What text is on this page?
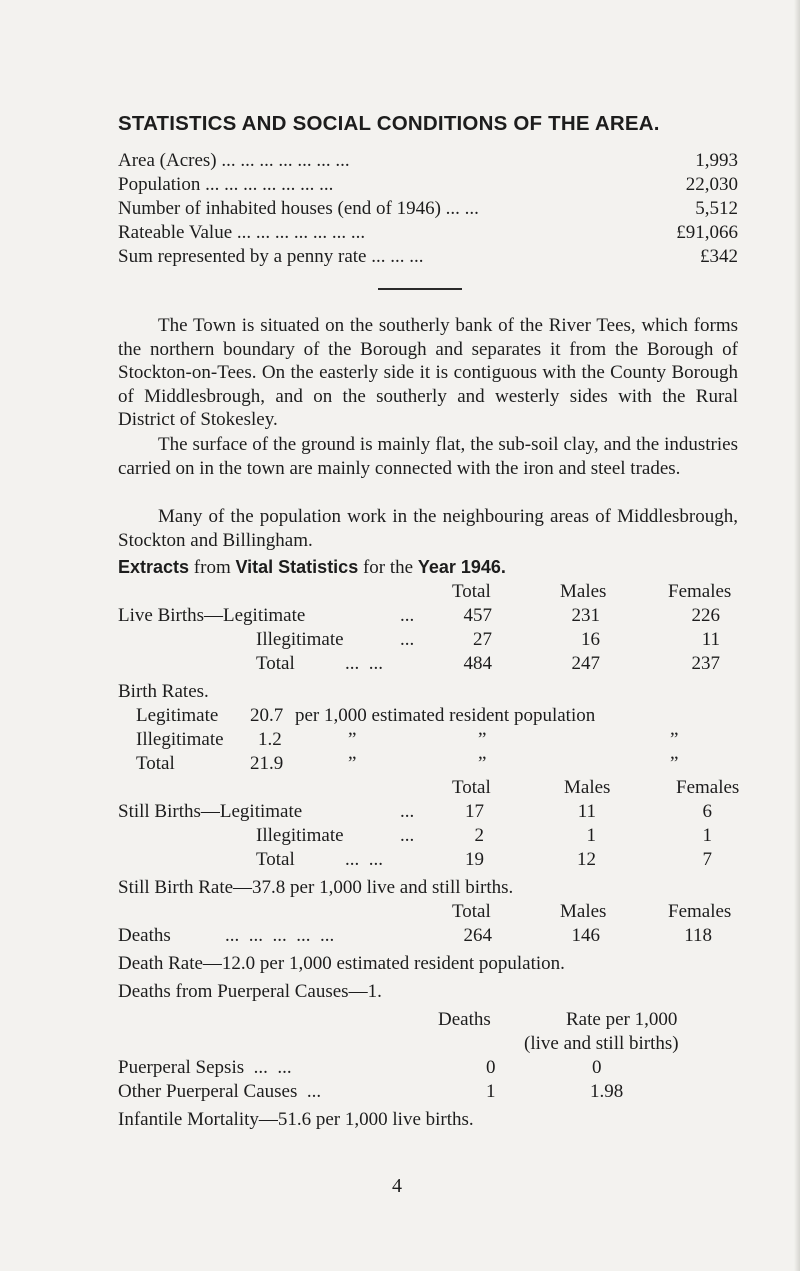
STATISTICS AND SOCIAL CONDITIONS OF THE AREA.
Area (Acres) ... ... ... ... ... ... ...	1,993
Population ... ... ... ... ... ... ...	22,030
Number of inhabited houses (end of 1946) ... ...	5,512
Rateable Value ... ... ... ... ... ... ...	£91,066
Sum represented by a penny rate ... ... ...	£342
The Town is situated on the southerly bank of the River Tees, which forms the northern boundary of the Borough and separates it from the Borough of Stockton-on-Tees. On the easterly side it is contiguous with the County Borough of Middlesbrough, and on the southerly and westerly sides with the Rural District of Stokesley.
The surface of the ground is mainly flat, the sub-soil clay, and the industries carried on in the town are mainly connected with the iron and steel trades.
Many of the population work in the neighbouring areas of Middlesbrough, Stockton and Billingham.
Extracts from Vital Statistics for the Year 1946.
Total	Males	Females
Live Births—Legitimate	...	457	231	226
Illegitimate	...	27	16	11
Total	...  ...	484	247	237
Birth Rates.
Legitimate 20.7 per 1,000 estimated resident population
Illegitimate 1.2	”	”	”
Total	21.9	”	”	”
Total	Males	Females
Still Births—Legitimate	...	17	11	6
Illegitimate	...	2	1	1
Total	...  ...	19	12	7
Still Birth Rate—37.8 per 1,000 live and still births.
Total	Males	Females
Deaths	...  ...  ...  ...  ...	264	146	118
Death Rate—12.0 per 1,000 estimated resident population.
Deaths from Puerperal Causes—1.
Deaths	Rate per 1,000
(live and still births)
Puerperal Sepsis  ...  ...	0	0
Other Puerperal Causes  ...	1	1.98
Infantile Mortality—51.6 per 1,000 live births.
4
